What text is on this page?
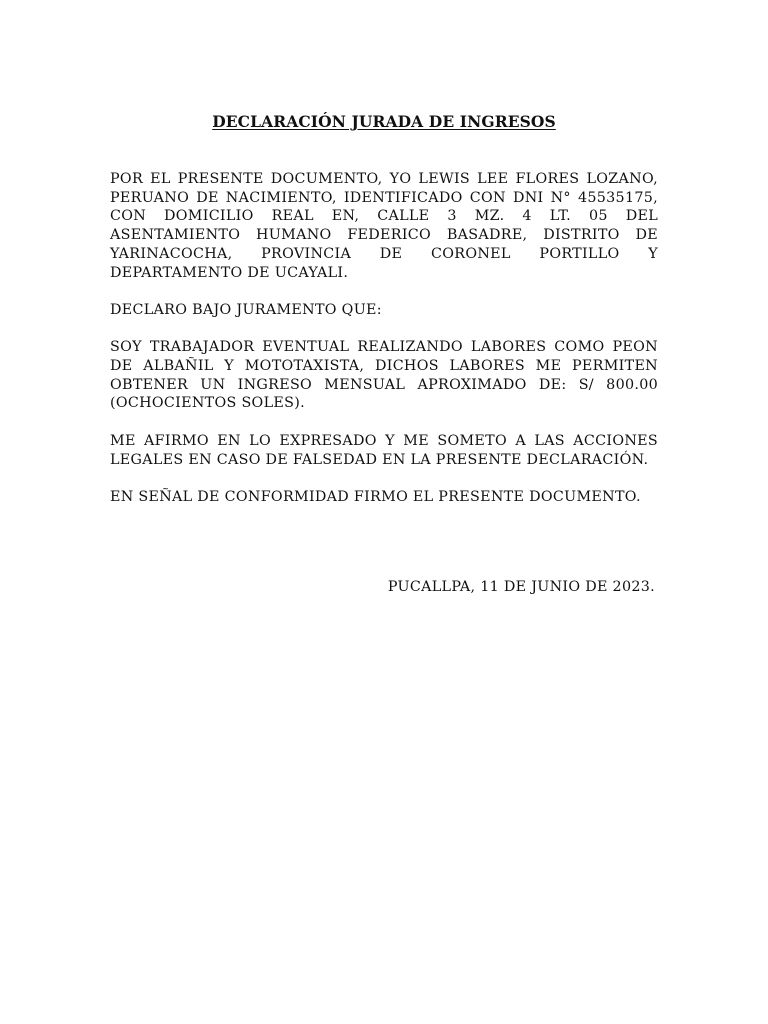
DECLARACIÓN JURADA DE INGRESOS

POR EL PRESENTE DOCUMENTO, YO LEWIS LEE FLORES LOZANO, PERUANO DE NACIMIENTO, IDENTIFICADO CON DNI N° 45535175, CON DOMICILIO REAL EN, CALLE 3 MZ. 4 LT. 05 DEL ASENTAMIENTO HUMANO FEDERICO BASADRE, DISTRITO DE YARINACOCHA, PROVINCIA DE CORONEL PORTILLO Y DEPARTAMENTO DE UCAYALI.

DECLARO BAJO JURAMENTO QUE:

SOY TRABAJADOR EVENTUAL REALIZANDO LABORES COMO PEON DE ALBAÑIL Y MOTOTAXISTA, DICHOS LABORES ME PERMITEN OBTENER UN INGRESO MENSUAL APROXIMADO DE: S/ 800.00 (OCHOCIENTOS SOLES).

ME AFIRMO EN LO EXPRESADO Y ME SOMETO A LAS ACCIONES LEGALES EN CASO DE FALSEDAD EN LA PRESENTE DECLARACIÓN.

EN SEÑAL DE CONFORMIDAD FIRMO EL PRESENTE DOCUMENTO.

PUCALLPA, 11 DE JUNIO DE 2023.
